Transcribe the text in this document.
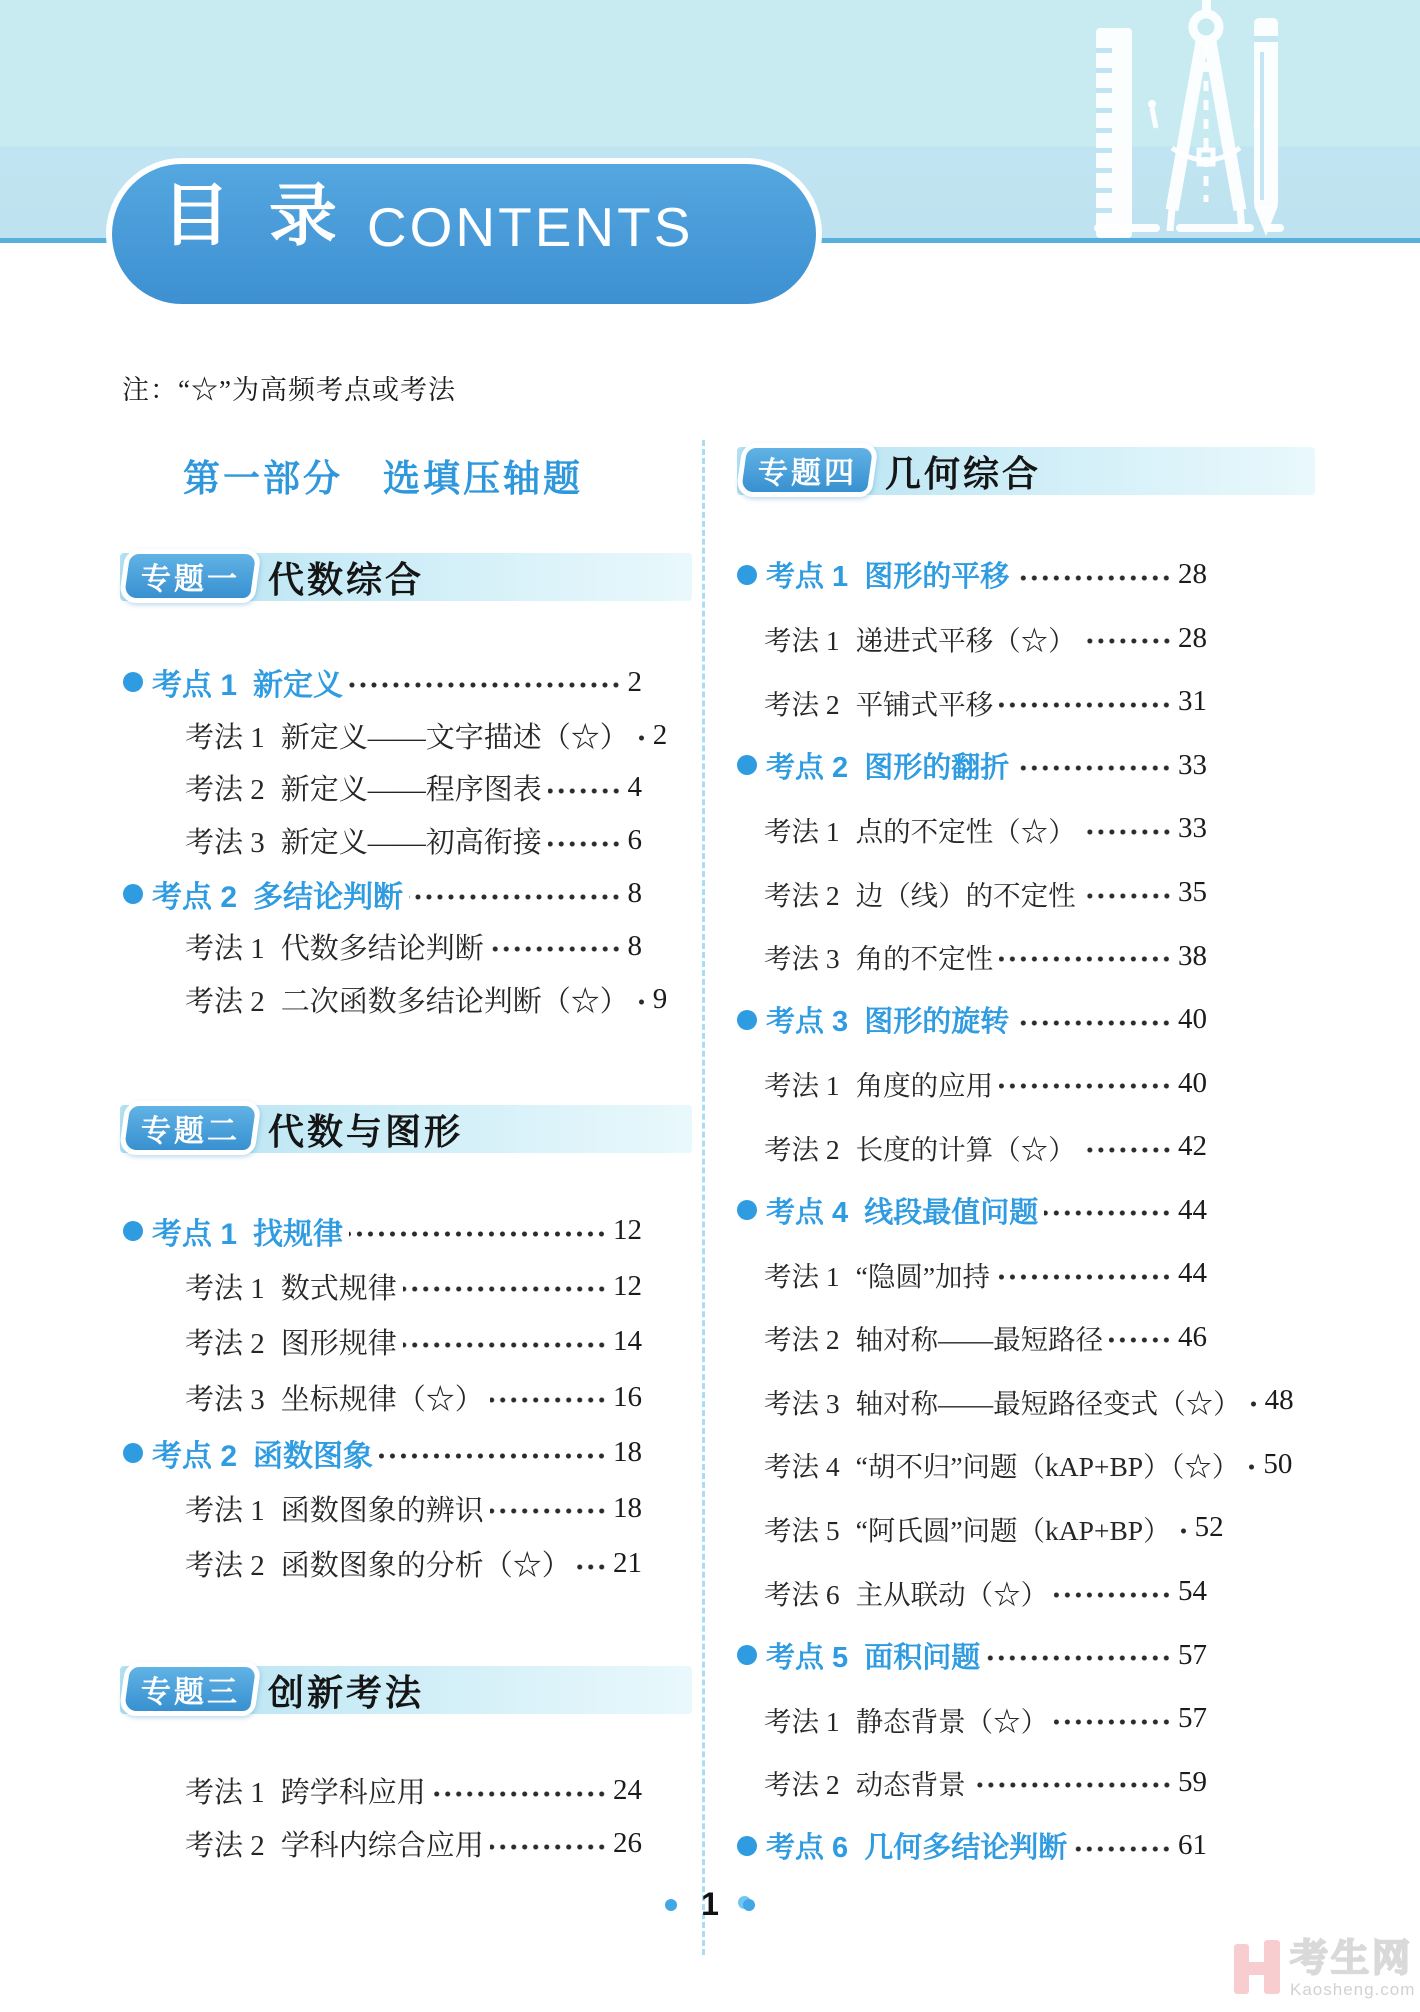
目 录 CONTENTS
注：“☆”为高频考点或考法
第一部分　选填压轴题
专题一 代数综合
考点 1 新定义	2
考法 1 新定义——文字描述（☆） 2
考法 2 新定义——程序图表	4
考法 3 新定义——初高衔接	6
考点 2 多结论判断	8
考法 1 代数多结论判断	8
考法 2 二次函数多结论判断（☆） 9
专题二 代数与图形
考点 1 找规律	12
考法 1 数式规律	12
考法 2 图形规律	14
考法 3 坐标规律（☆）	16
考点 2 函数图象	18
考法 1 函数图象的辨识	18
考法 2 函数图象的分析（☆） 21
专题三 创新考法
考法 1 跨学科应用	24
考法 2 学科内综合应用	26
专题四 几何综合
考点 1 图形的平移	28
考法 1 递进式平移（☆）	28
考法 2 平铺式平移	31
考点 2 图形的翻折	33
考法 1 点的不定性（☆）	33
考法 2 边（线）的不定性	35
考法 3 角的不定性	38
考点 3 图形的旋转	40
考法 1 角度的应用	40
考法 2 长度的计算（☆）	42
考点 4 线段最值问题	44
考法 1 “隐圆”加持	44
考法 2 轴对称——最短路径	46
考法 3 轴对称——最短路径变式（☆） 48
考法 4 “胡不归”问题（kAP+BP）（☆） 50
考法 5 “阿氏圆”问题（kAP+BP） 52
考法 6 主从联动（☆）	54
考点 5 面积问题	57
考法 1 静态背景（☆）	57
考法 2 动态背景	59
考点 6 几何多结论判断	61
1
考生网
Kaosheng.com
